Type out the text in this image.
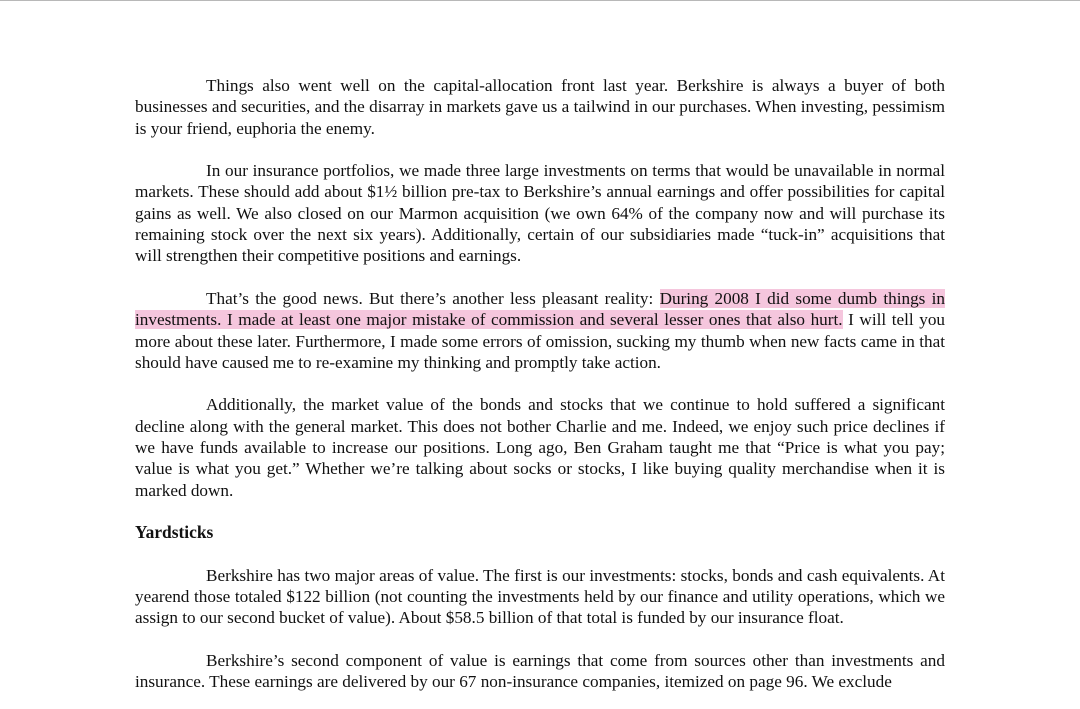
Things also went well on the capital-allocation front last year. Berkshire is always a buyer of both businesses and securities, and the disarray in markets gave us a tailwind in our purchases. When investing, pessimism is your friend, euphoria the enemy.

In our insurance portfolios, we made three large investments on terms that would be unavailable in normal markets. These should add about $1½ billion pre-tax to Berkshire’s annual earnings and offer possibilities for capital gains as well. We also closed on our Marmon acquisition (we own 64% of the company now and will purchase its remaining stock over the next six years). Additionally, certain of our subsidiaries made “tuck-in” acquisitions that will strengthen their competitive positions and earnings.

That’s the good news. But there’s another less pleasant reality: During 2008 I did some dumb things in investments. I made at least one major mistake of commission and several lesser ones that also hurt. I will tell you more about these later. Furthermore, I made some errors of omission, sucking my thumb when new facts came in that should have caused me to re-examine my thinking and promptly take action.

Additionally, the market value of the bonds and stocks that we continue to hold suffered a significant decline along with the general market. This does not bother Charlie and me. Indeed, we enjoy such price declines if we have funds available to increase our positions. Long ago, Ben Graham taught me that “Price is what you pay; value is what you get.” Whether we’re talking about socks or stocks, I like buying quality merchandise when it is marked down.

Yardsticks

Berkshire has two major areas of value. The first is our investments: stocks, bonds and cash equivalents. At yearend those totaled $122 billion (not counting the investments held by our finance and utility operations, which we assign to our second bucket of value). About $58.5 billion of that total is funded by our insurance float.

Berkshire’s second component of value is earnings that come from sources other than investments and insurance. These earnings are delivered by our 67 non-insurance companies, itemized on page 96. We exclude
